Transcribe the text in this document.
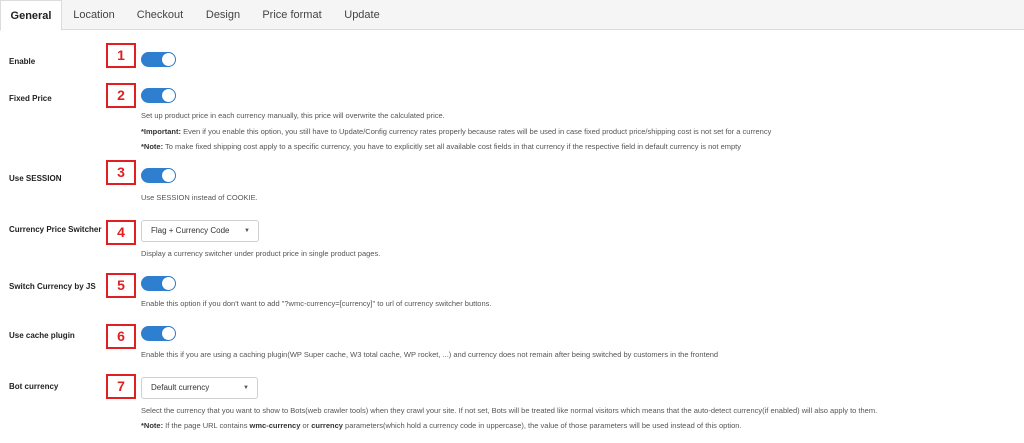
General	Location	Checkout	Design	Price format	Update
Enable	1
Fixed Price	2
Set up product price in each currency manually, this price will overwrite the calculated price.
*Important: Even if you enable this option, you still have to Update/Config currency rates properly because rates will be used in case fixed product price/shipping cost is not set for a currency
*Note: To make fixed shipping cost apply to a specific currency, you have to explicitly set all available cost fields in that currency if the respective field in default currency is not empty
Use SESSION	3
Use SESSION instead of COOKIE.
Currency Price Switcher	4	Flag + Currency Code ▼
Display a currency switcher under product price in single product pages.
Switch Currency by JS	5
Enable this option if you don't want to add "?wmc-currency=[currency]" to url of currency switcher buttons.
Use cache plugin	6
Enable this if you are using a caching plugin(WP Super cache, W3 total cache, WP rocket, ...) and currency does not remain after being switched by customers in the frontend
Bot currency	7	Default currency	▼
Select the currency that you want to show to Bots(web crawler tools) when they crawl your site. If not set, Bots will be treated like normal visitors which means that the auto-detect currency(if enabled) will also apply to them.
*Note: If the page URL contains wmc-currency or currency parameters(which hold a currency code in uppercase), the value of those parameters will be used instead of this option.
